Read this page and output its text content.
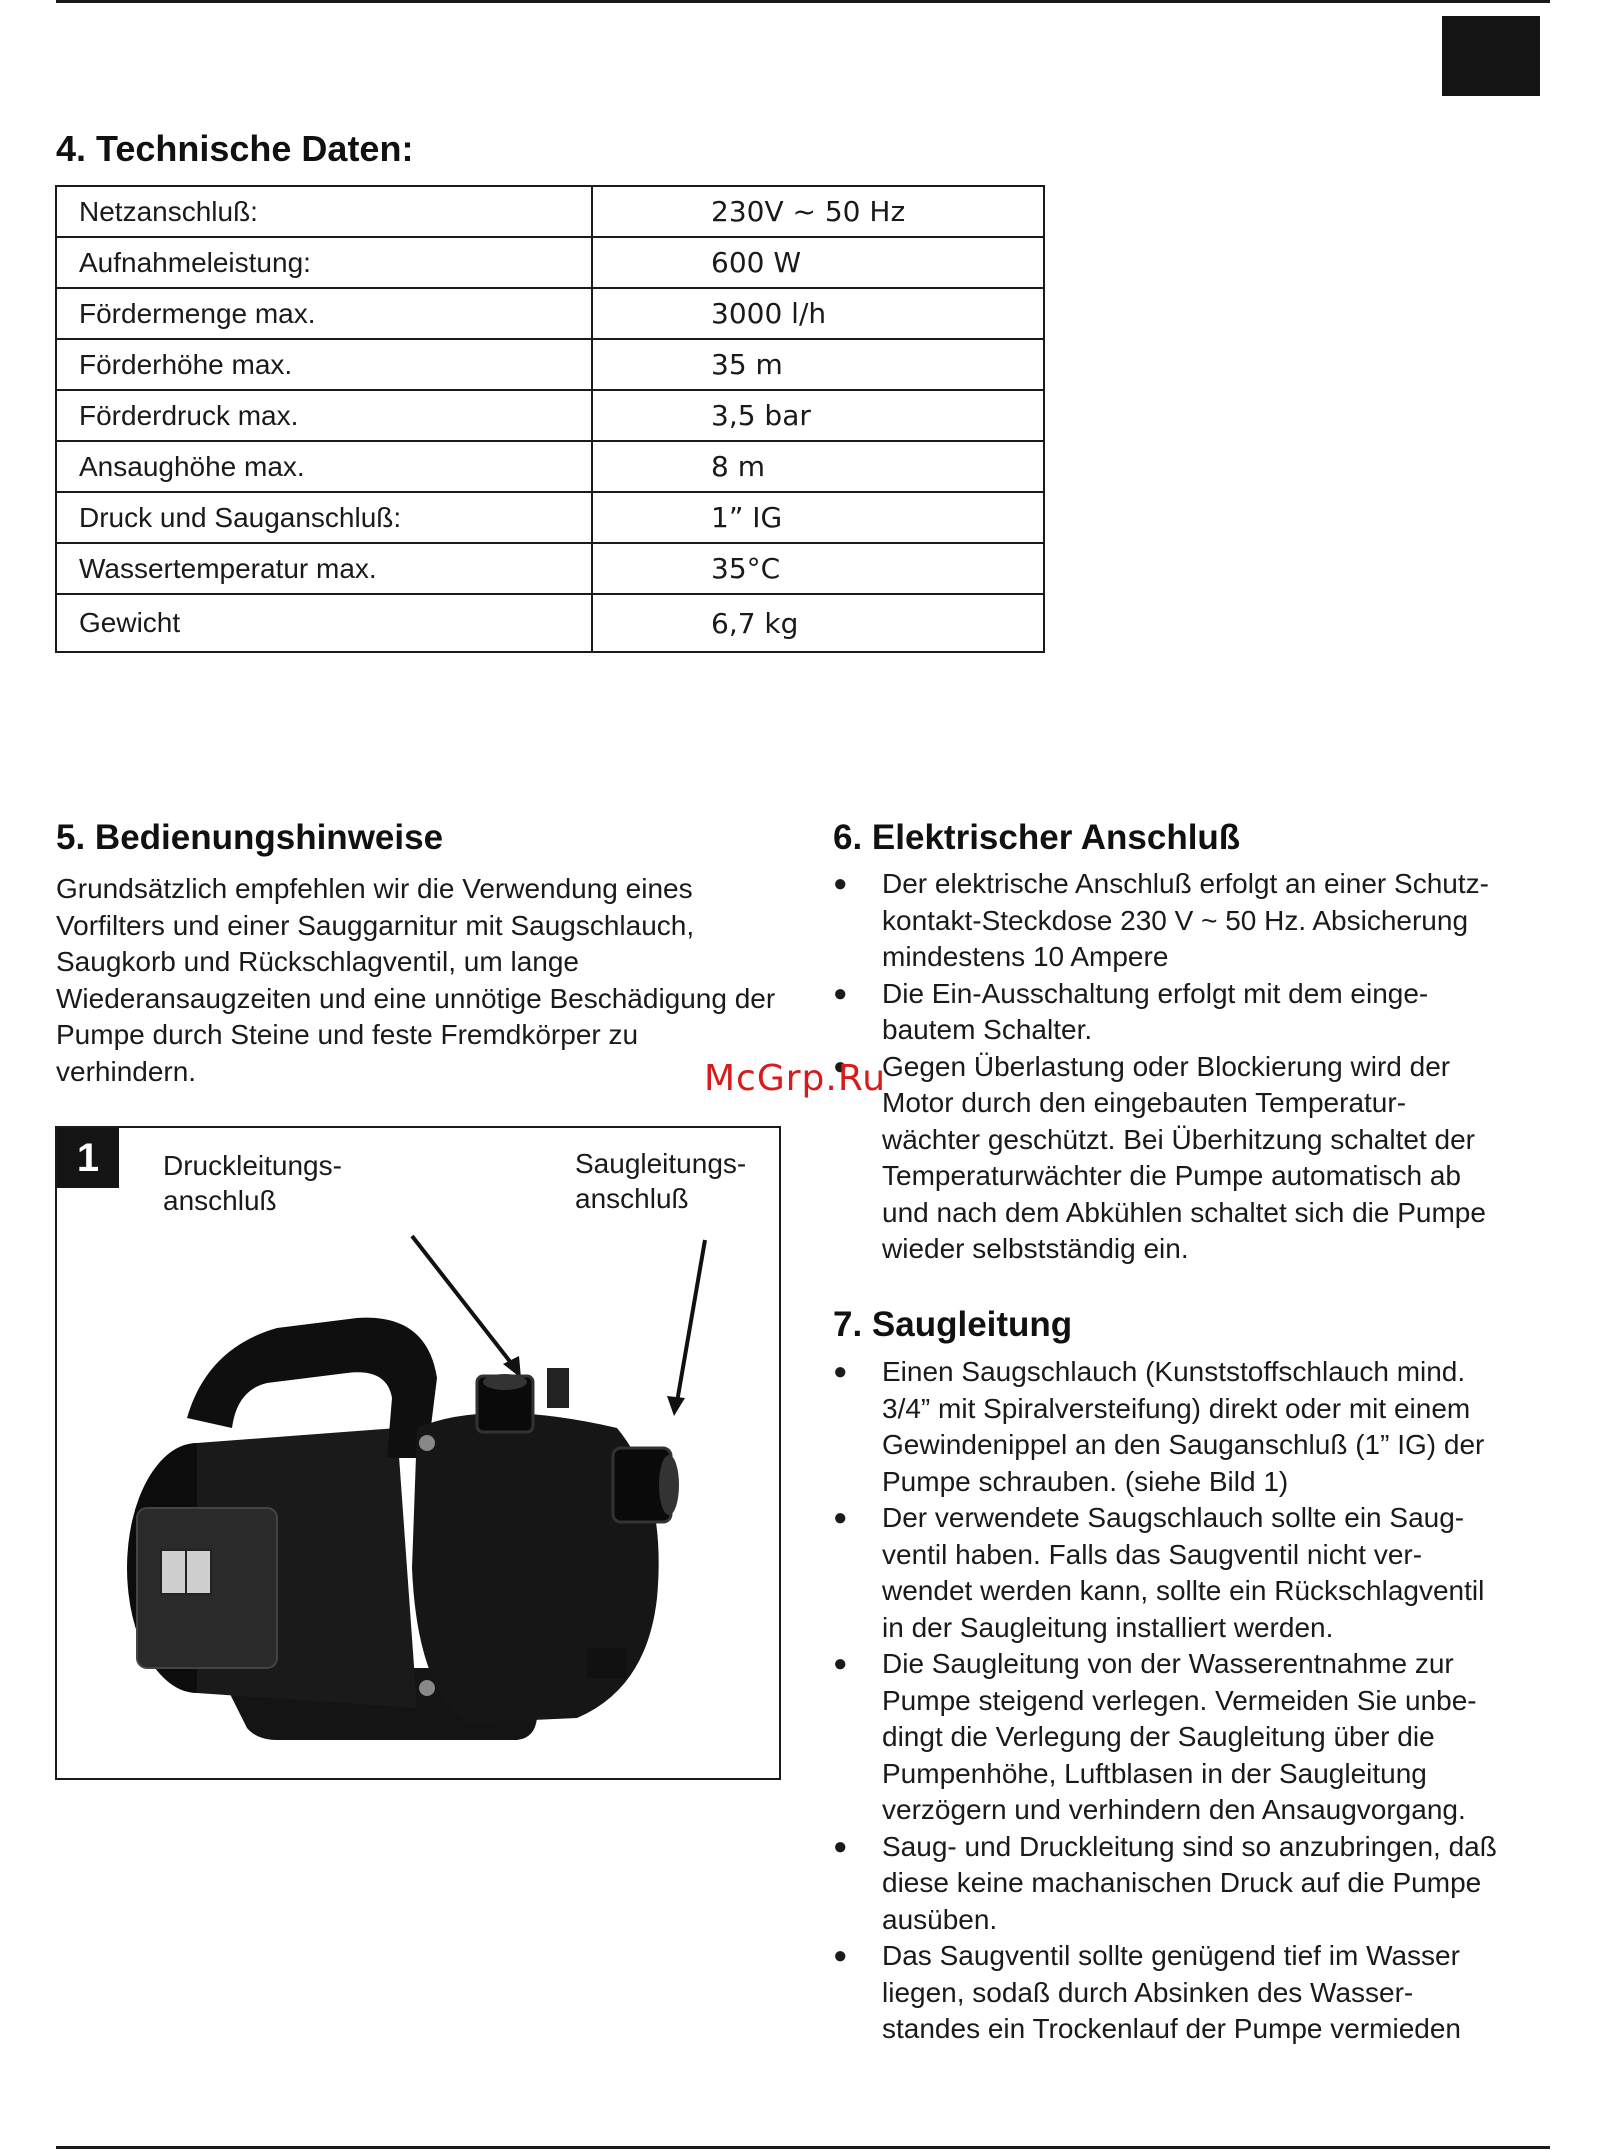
4. Technische Daten:
Netzanschluß:	230V ~ 50 Hz
Aufnahmeleistung:	600 W
Fördermenge max.	3000 l/h
Förderhöhe max.	35 m
Förderdruck max.	3,5 bar
Ansaughöhe max.	8 m
Druck und Sauganschluß:	1” IG
Wassertemperatur max.	35°C
Gewicht	6,7 kg
5. Bedienungshinweise

Grundsätzlich empfehlen wir die Verwendung eines Vorfilters und einer Sauggarnitur mit Saugschlauch, Saugkorb und Rückschlagventil, um lange Wiederansaugzeiten und eine unnötige Beschädigung der Pumpe durch Steine und feste Fremdkörper zu verhindern.

1	Druckleitungs-
anschluß
Saugleitungs-
anschluß
6. Elektrischer Anschluß
● Der elektrische Anschluß erfolgt an einer Schutz-
kontakt-Steckdose 230 V ~ 50 Hz. Absicherung
mindestens 10 Ampere
● Die Ein-Ausschaltung erfolgt mit dem einge-
bautem Schalter.
● Gegen Überlastung oder Blockierung wird der
Motor durch den eingebauten Temperatur-
wächter geschützt. Bei Überhitzung schaltet der
Temperaturwächter die Pumpe automatisch ab
und nach dem Abkühlen schaltet sich die Pumpe
wieder selbstständig ein.
7. Saugleitung
● Einen Saugschlauch (Kunststoffschlauch mind.
3/4” mit Spiralversteifung) direkt oder mit einem
Gewindenippel an den Sauganschluß (1” IG) der
Pumpe schrauben. (siehe Bild 1)
● Der verwendete Saugschlauch sollte ein Saug-
ventil haben. Falls das Saugventil nicht ver-
wendet werden kann, sollte ein Rückschlagventil
in der Saugleitung installiert werden.
● Die Saugleitung von der Wasserentnahme zur
Pumpe steigend verlegen. Vermeiden Sie unbe-
dingt die Verlegung der Saugleitung über die
Pumpenhöhe, Luftblasen in der Saugleitung
verzögern und verhindern den Ansaugvorgang.
● Saug- und Druckleitung sind so anzubringen, daß
diese keine machanischen Druck auf die Pumpe
ausüben.
● Das Saugventil sollte genügend tief im Wasser
liegen, sodaß durch Absinken des Wasser-
standes ein Trockenlauf der Pumpe vermieden
McGrp.Ru
